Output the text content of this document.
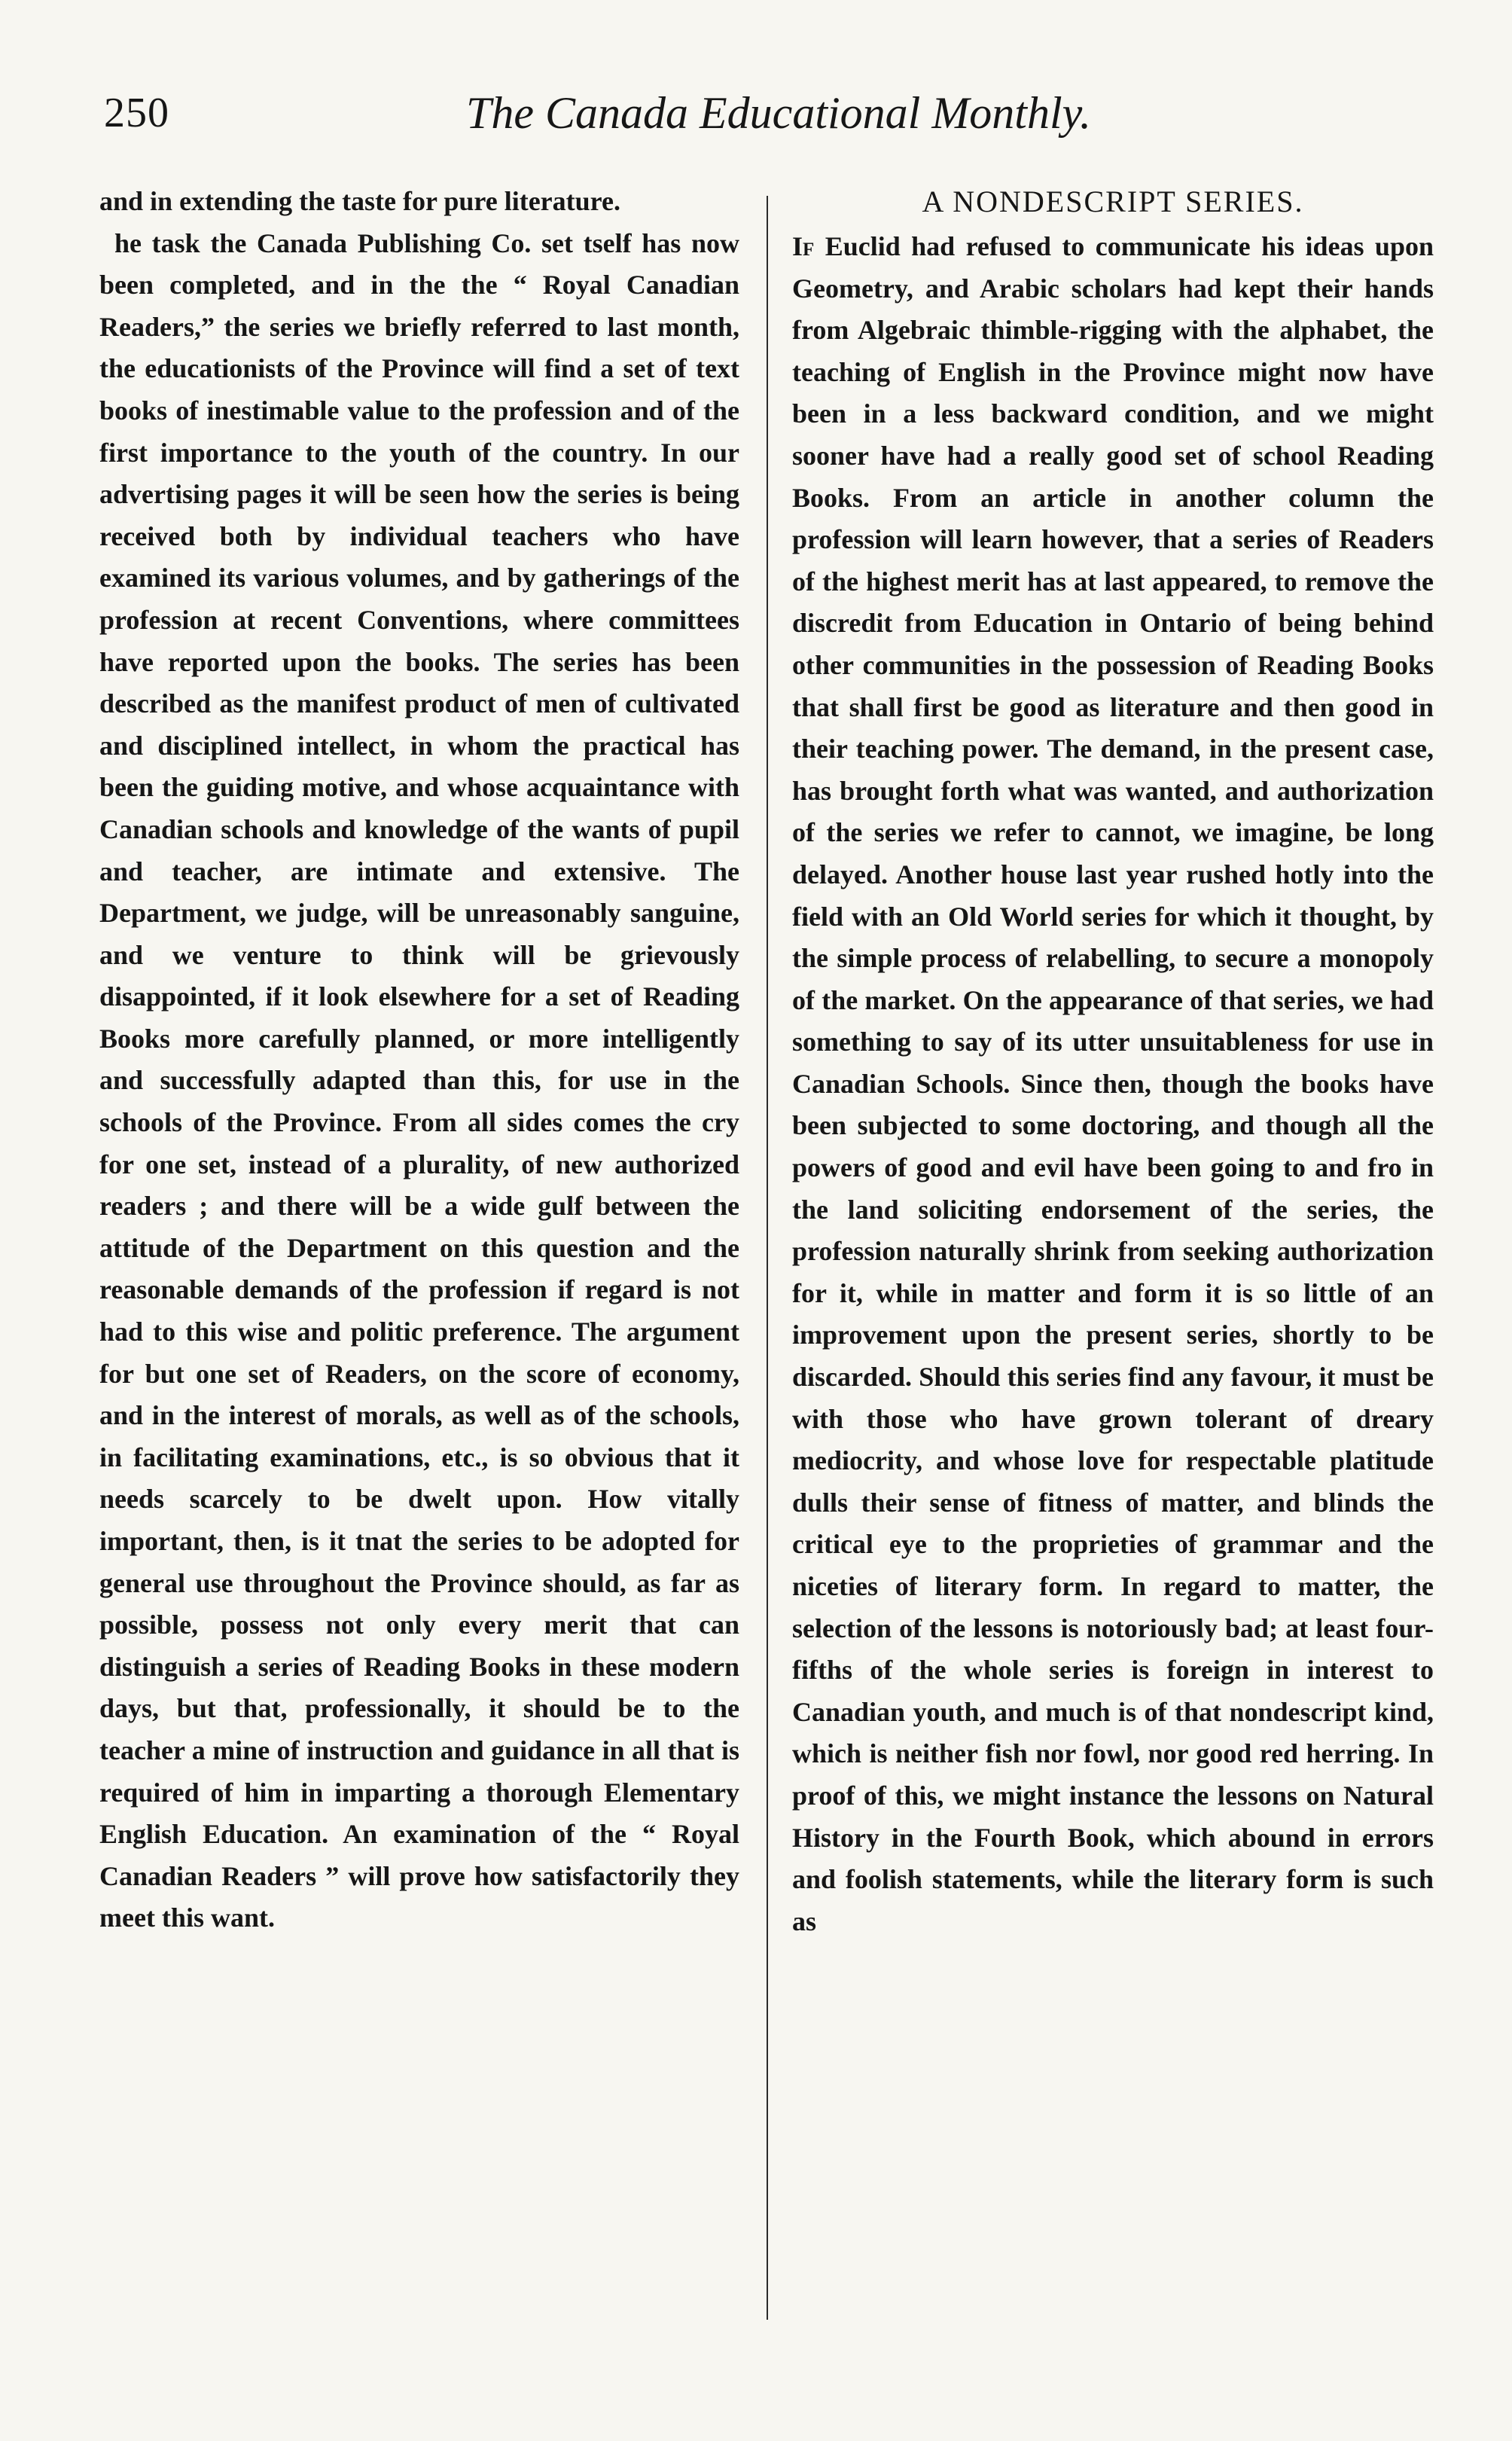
250	The Canada Educational Monthly.

and in extending the taste for pure literature.

he task the Canada Publishing Co. set tself has now been completed, and in the the “ Royal Canadian Readers,” the series we briefly referred to last month, the educationists of the Province will find a set of text books of inestimable value to the profession and of the first importance to the youth of the country. In our advertising pages it will be seen how the series is being received both by individual teachers who have examined its various volumes, and by gatherings of the profession at recent Conventions, where committees have reported upon the books. The series has been described as the manifest product of men of cultivated and disciplined intellect, in whom the practical has been the guiding motive, and whose acquaintance with Canadian schools and knowledge of the wants of pupil and teacher, are intimate and extensive. The Department, we judge, will be unreasonably sanguine, and we venture to think will be grievously disappointed, if it look elsewhere for a set of Reading Books more carefully planned, or more intelligently and successfully adapted than this, for use in the schools of the Province. From all sides comes the cry for one set, instead of a plurality, of new authorized readers ; and there will be a wide gulf between the attitude of the Department on this question and the reasonable demands of the profession if regard is not had to this wise and politic preference. The argument for but one set of Readers, on the score of economy, and in the interest of morals, as well as of the schools, in facilitating examinations, etc., is so obvious that it needs scarcely to be dwelt upon. How vitally important, then, is it tnat the series to be adopted for general use throughout the Province should, as far as possible, possess not only every merit that can distinguish a series of Reading Books in these modern days, but that, professionally, it should be to the teacher a mine of instruction and guidance in all that is required of him in imparting a thorough Elementary English Education. An examination of the “ Royal Canadian Readers ” will prove how satisfactorily they meet this want.

A NONDESCRIPT SERIES.

If Euclid had refused to communicate his ideas upon Geometry, and Arabic scholars had kept their hands from Algebraic thimble-rigging with the alphabet, the teaching of English in the Province might now have been in a less backward condition, and we might sooner have had a really good set of school Reading Books. From an article in another column the profession will learn however, that a series of Readers of the highest merit has at last appeared, to remove the discredit from Education in Ontario of being behind other communities in the possession of Reading Books that shall first be good as literature and then good in their teaching power. The demand, in the present case, has brought forth what was wanted, and authorization of the series we refer to cannot, we imagine, be long delayed. Another house last year rushed hotly into the field with an Old World series for which it thought, by the simple process of relabelling, to secure a monopoly of the market. On the appearance of that series, we had something to say of its utter unsuitableness for use in Canadian Schools. Since then, though the books have been subjected to some doctoring, and though all the powers of good and evil have been going to and fro in the land soliciting endorsement of the series, the profession naturally shrink from seeking authorization for it, while in matter and form it is so little of an improvement upon the present series, shortly to be discarded. Should this series find any favour, it must be with those who have grown tolerant of dreary mediocrity, and whose love for respectable platitude dulls their sense of fitness of matter, and blinds the critical eye to the proprieties of grammar and the niceties of literary form. In regard to matter, the selection of the lessons is notoriously bad; at least four-fifths of the whole series is foreign in interest to Canadian youth, and much is of that nondescript kind, which is neither fish nor fowl, nor good red herring. In proof of this, we might instance the lessons on Natural History in the Fourth Book, which abound in errors and foolish statements, while the literary form is such as
